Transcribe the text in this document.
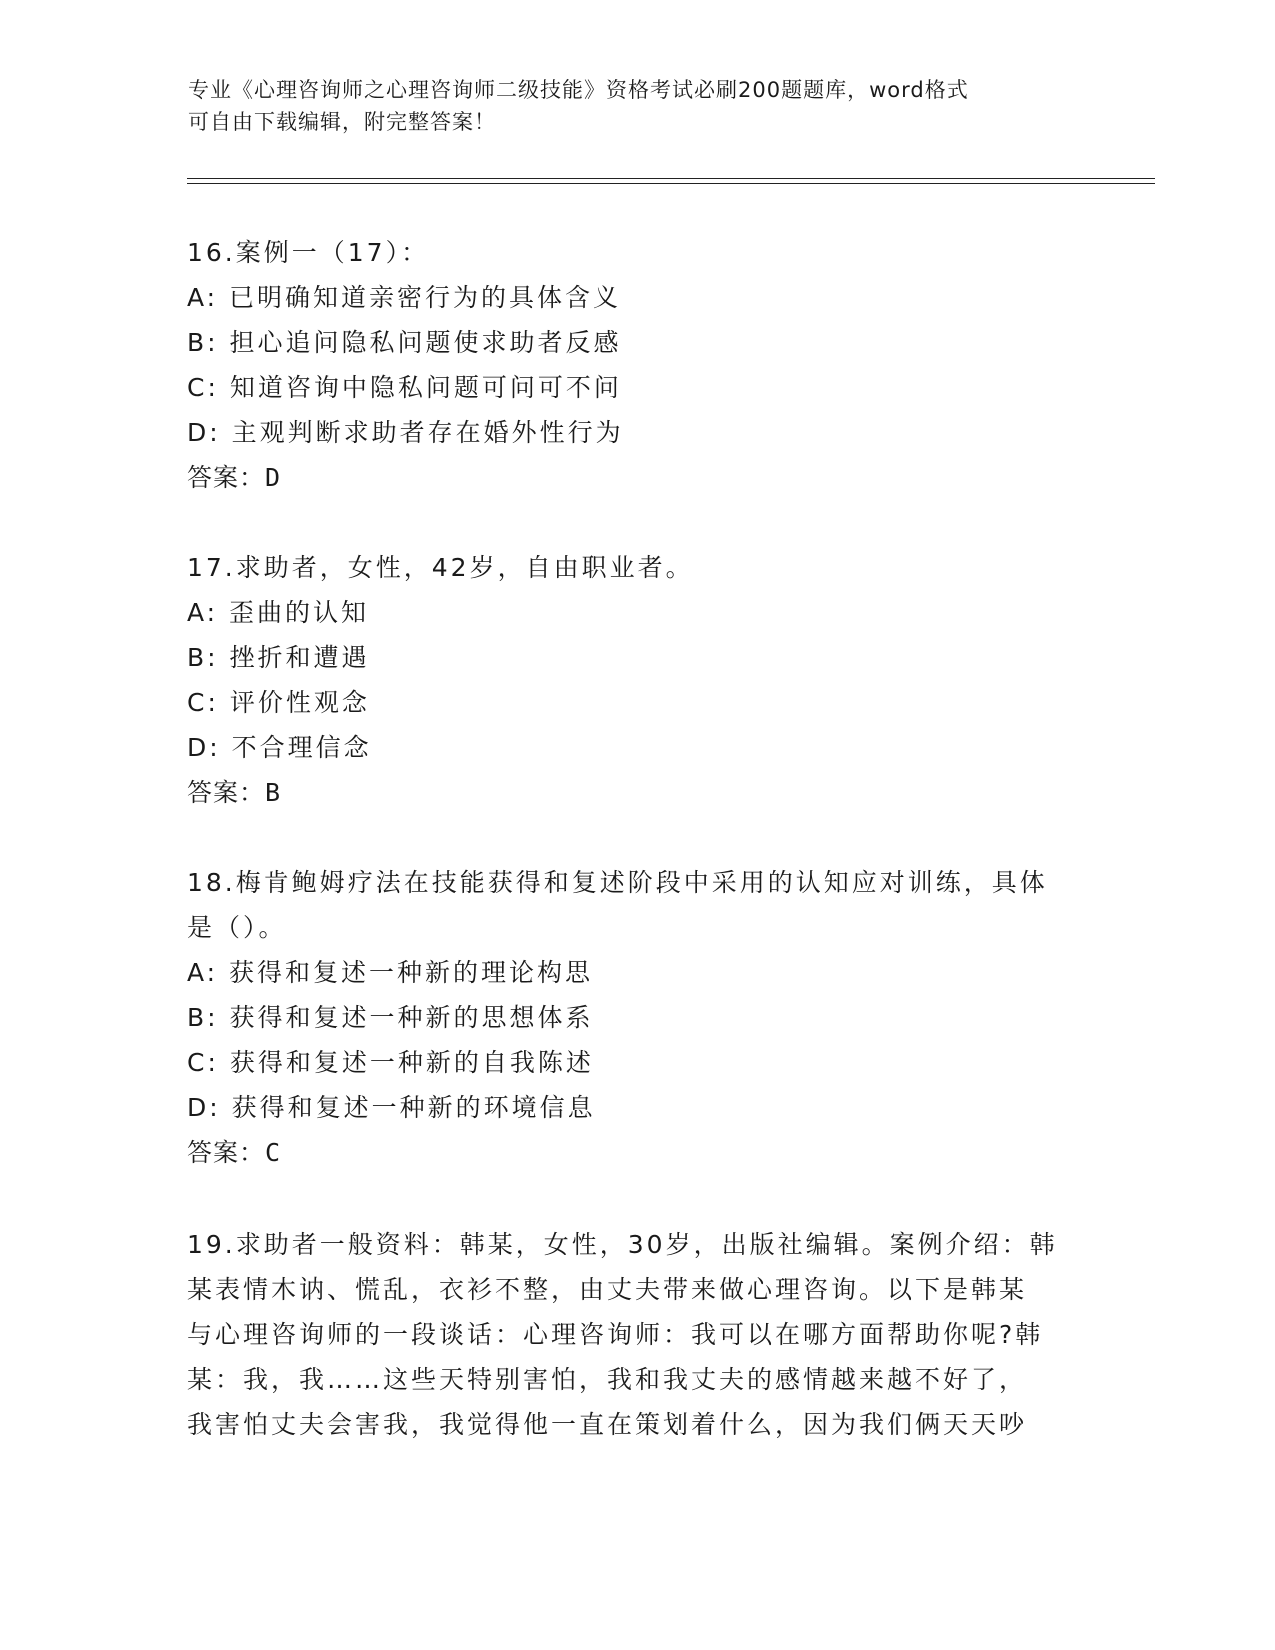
专业《心理咨询师之心理咨询师二级技能》资格考试必刷200题题库，word格式
可自由下载编辑，附完整答案！
16.案例一（17）：
A: 已明确知道亲密行为的具体含义
B: 担心追问隐私问题使求助者反感
C: 知道咨询中隐私问题可问可不问
D: 主观判断求助者存在婚外性行为
答案：D
17.求助者，女性，42岁，自由职业者。
A: 歪曲的认知
B: 挫折和遭遇
C: 评价性观念
D: 不合理信念
答案：B
18.梅肯鲍姆疗法在技能获得和复述阶段中采用的认知应对训练，具体
是（）。
A: 获得和复述一种新的理论构思
B: 获得和复述一种新的思想体系
C: 获得和复述一种新的自我陈述
D: 获得和复述一种新的环境信息
答案：C
19.求助者一般资料：韩某，女性，30岁，出版社编辑。案例介绍：韩
某表情木讷、慌乱，衣衫不整，由丈夫带来做心理咨询。以下是韩某
与心理咨询师的一段谈话：心理咨询师：我可以在哪方面帮助你呢?韩
某：我，我……这些天特别害怕，我和我丈夫的感情越来越不好了，
我害怕丈夫会害我，我觉得他一直在策划着什么，因为我们俩天天吵
